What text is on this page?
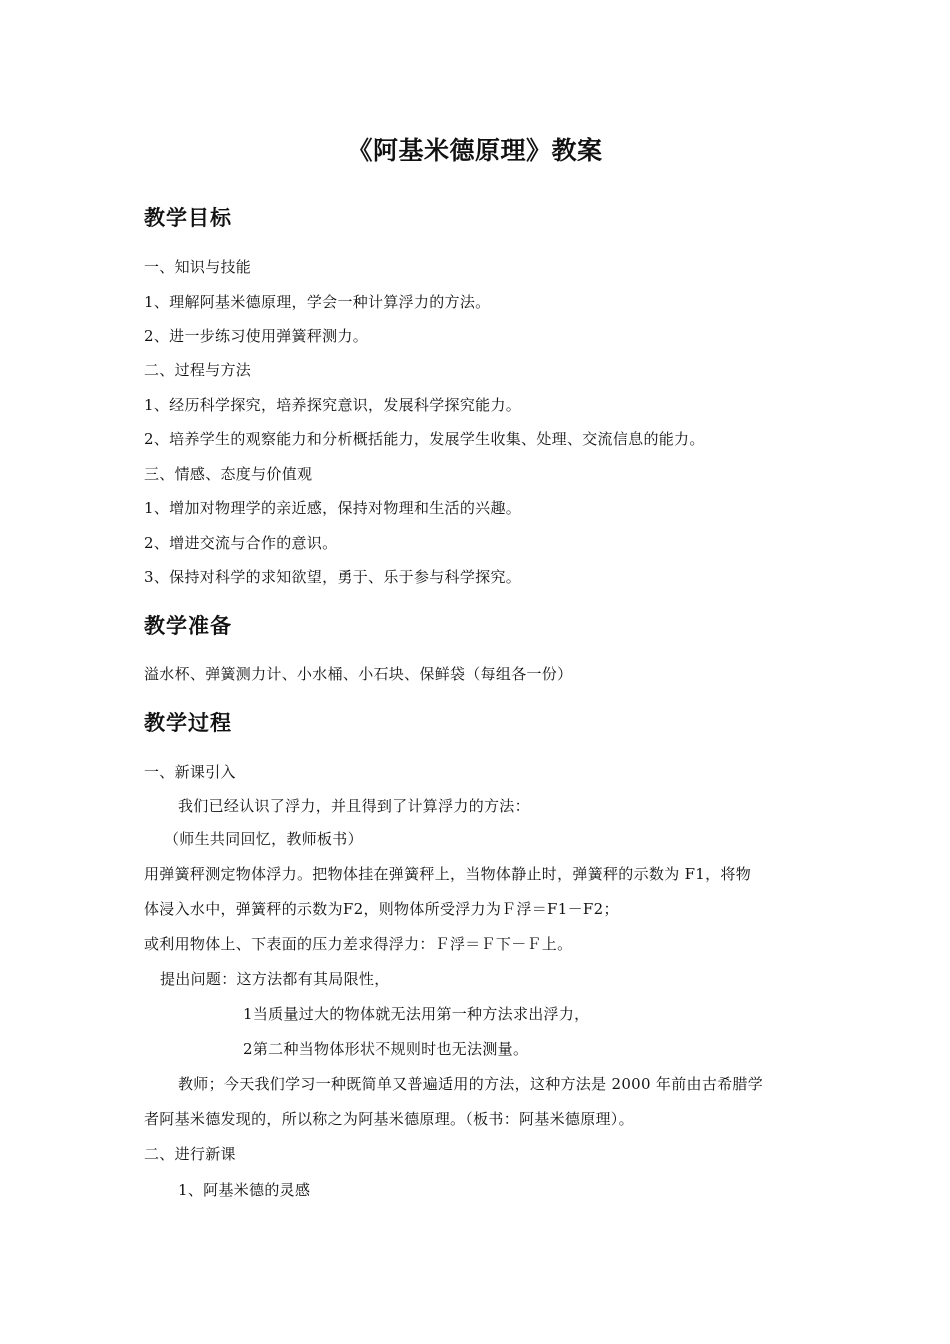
《阿基米德原理》教案
教学目标
一、知识与技能
1、理解阿基米德原理，学会一种计算浮力的方法。
2、进一步练习使用弹簧秤测力。
二、过程与方法
1、经历科学探究，培养探究意识，发展科学探究能力。
2、培养学生的观察能力和分析概括能力，发展学生收集、处理、交流信息的能力。
三、情感、态度与价值观
1、增加对物理学的亲近感，保持对物理和生活的兴趣。
2、增进交流与合作的意识。
3、保持对科学的求知欲望，勇于、乐于参与科学探究。
教学准备
溢水杯、弹簧测力计、小水桶、小石块、保鲜袋（每组各一份）
教学过程
一、新课引入
我们已经认识了浮力，并且得到了计算浮力的方法：
（师生共同回忆，教师板书）
用弹簧秤测定物体浮力。把物体挂在弹簧秤上，当物体静止时，弹簧秤的示数为 F1，将物
体浸入水中，弹簧秤的示数为F2，则物体所受浮力为Ｆ浮＝F1－F2；
或利用物体上、下表面的压力差求得浮力：Ｆ浮＝Ｆ下－Ｆ上。
提出问题：这方法都有其局限性，
1当质量过大的物体就无法用第一种方法求出浮力，
2第二种当物体形状不规则时也无法测量。
教师；今天我们学习一种既简单又普遍适用的方法，这种方法是 2000 年前由古希腊学
者阿基米德发现的，所以称之为阿基米德原理。（板书：阿基米德原理）。
二、进行新课
1、阿基米德的灵感
